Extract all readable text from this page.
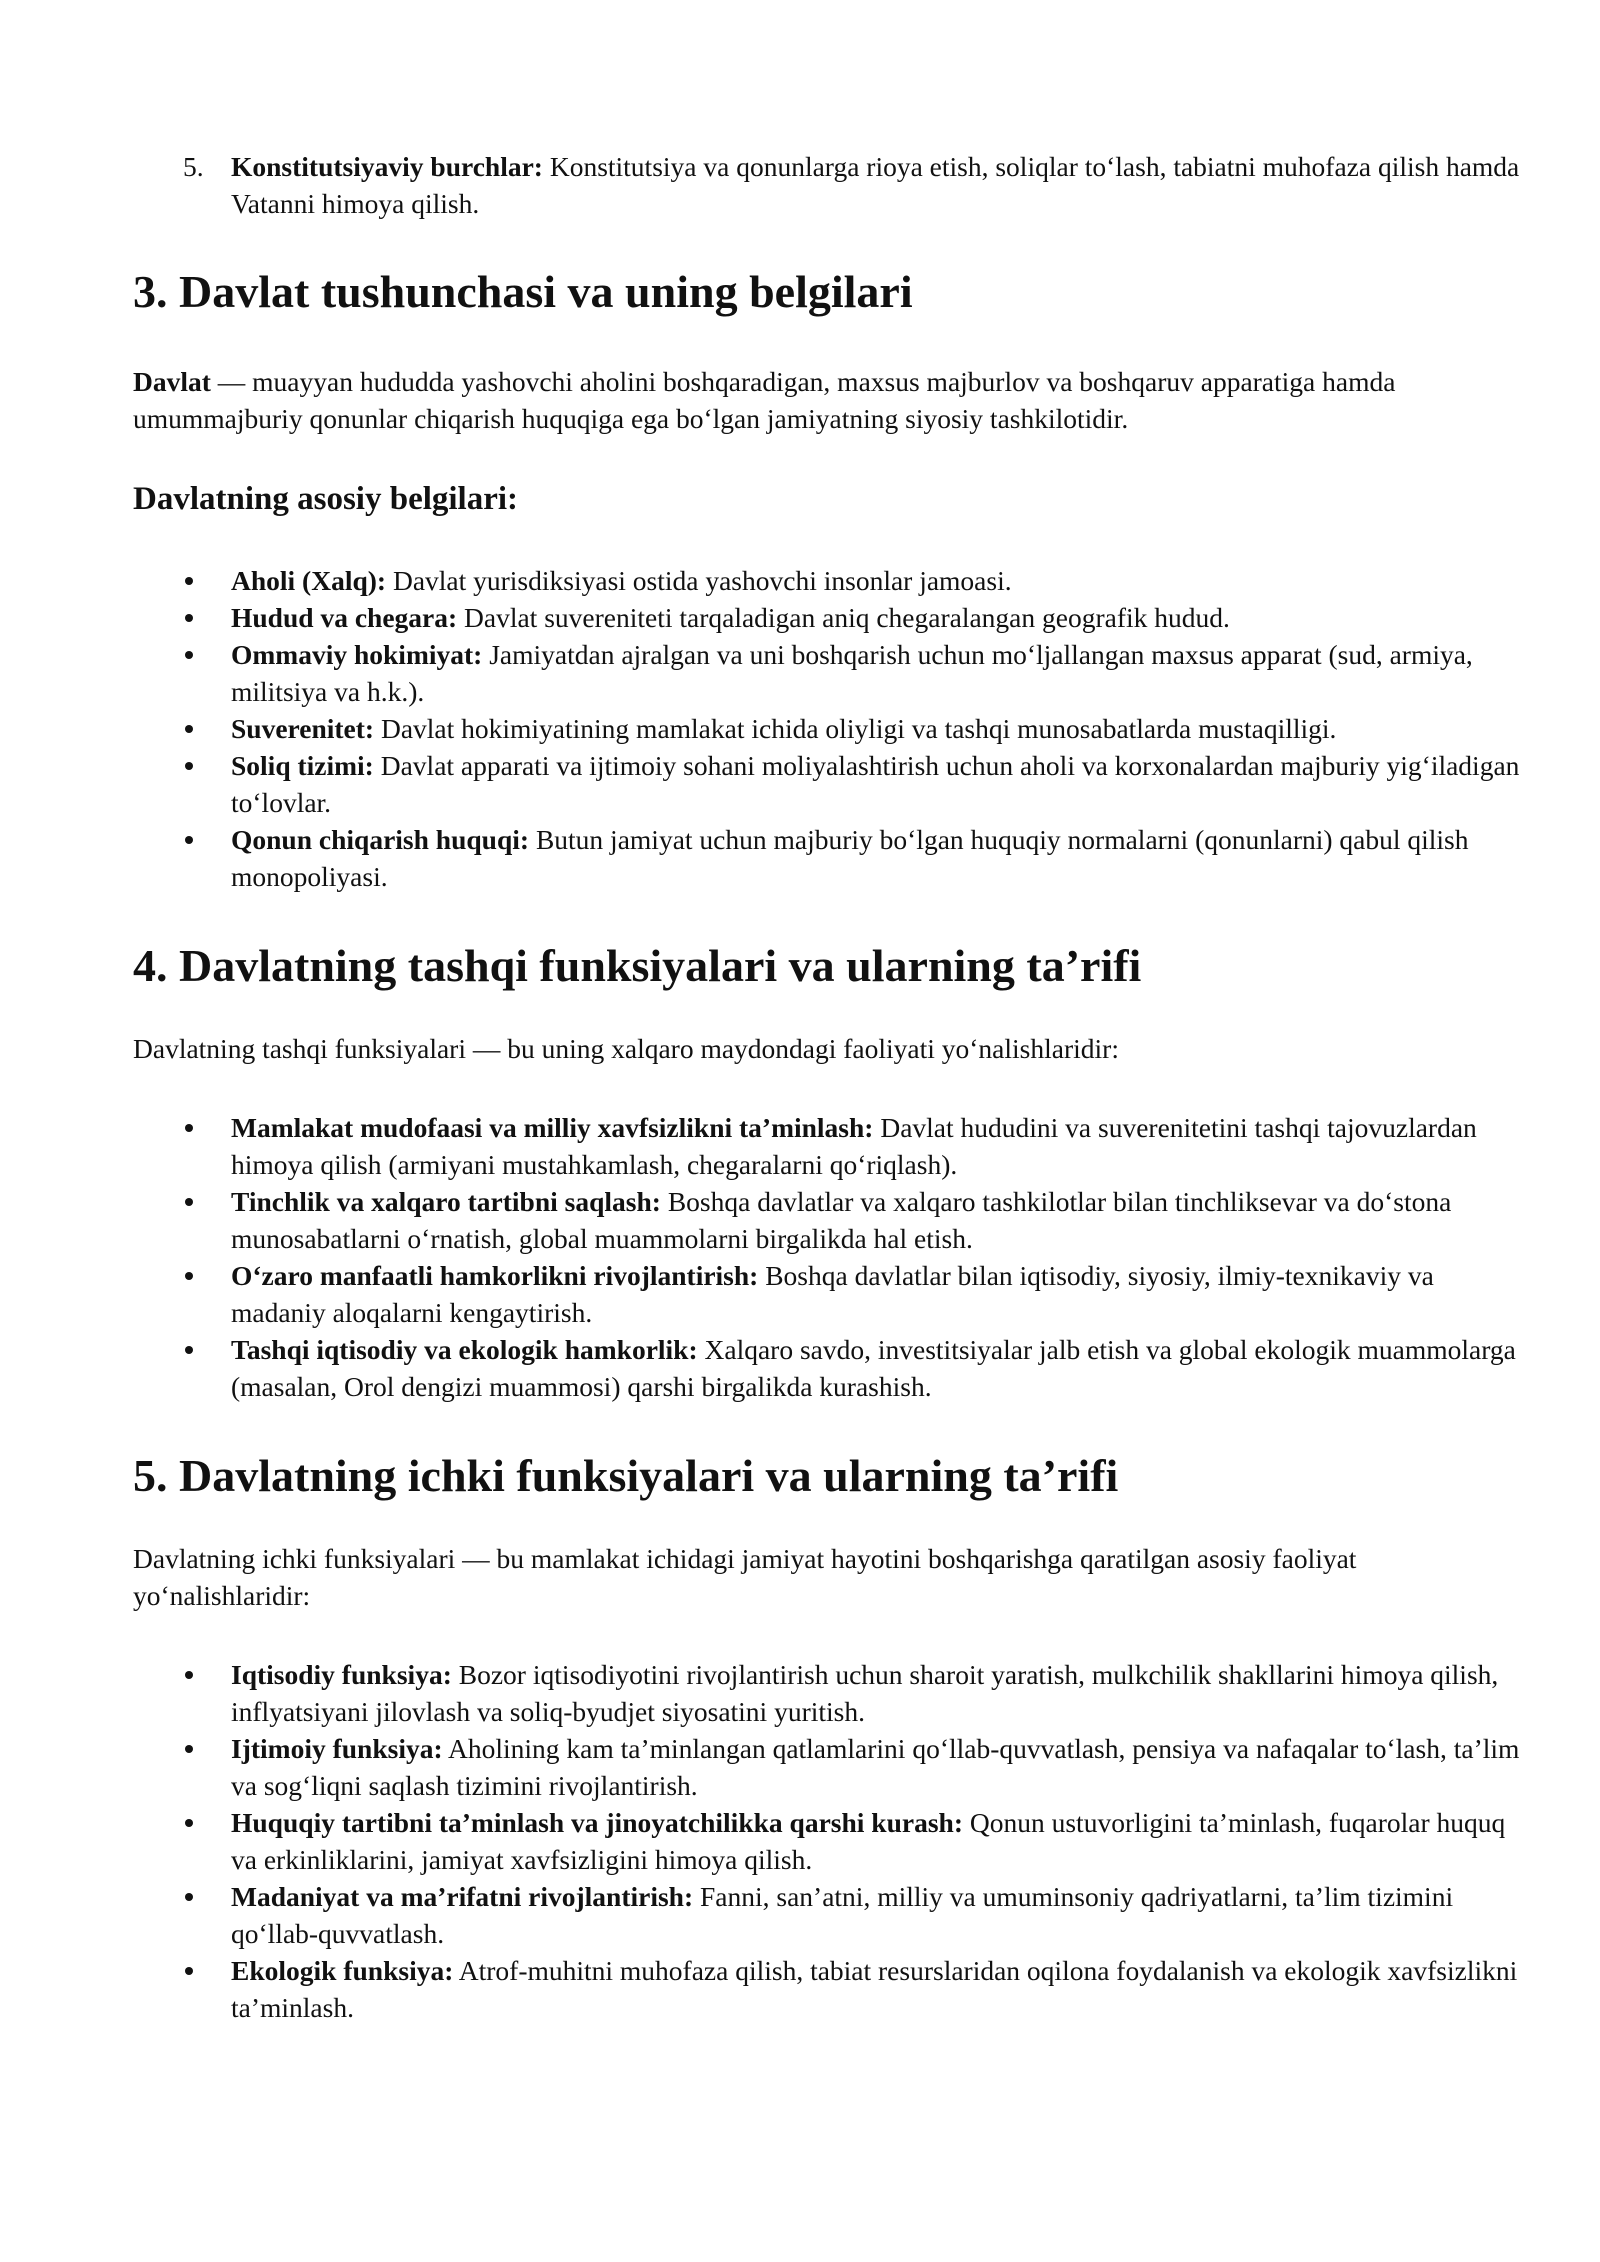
5. Konstitutsiyaviy burchlar: Konstitutsiya va qonunlarga rioya etish, soliqlar to‘lash, tabiatni muhofaza qilish hamda Vatanni himoya qilish.

3. Davlat tushunchasi va uning belgilari

Davlat — muayyan hududda yashovchi aholini boshqaradigan, maxsus majburlov va boshqaruv apparatiga hamda umummajburiy qonunlar chiqarish huquqiga ega bo‘lgan jamiyatning siyosiy tashkilotidir.

Davlatning asosiy belgilari:
Aholi (Xalq): Davlat yurisdiksiyasi ostida yashovchi insonlar jamoasi.
Hudud va chegara: Davlat suvereniteti tarqaladigan aniq chegaralangan geografik hudud.
Ommaviy hokimiyat: Jamiyatdan ajralgan va uni boshqarish uchun mo‘ljallangan maxsus apparat (sud, armiya, militsiya va h.k.).
Suverenitet: Davlat hokimiyatining mamlakat ichida oliyligi va tashqi munosabatlarda mustaqilligi.
Soliq tizimi: Davlat apparati va ijtimoiy sohani moliyalashtirish uchun aholi va korxonalardan majburiy yig‘iladigan to‘lovlar.
Qonun chiqarish huquqi: Butun jamiyat uchun majburiy bo‘lgan huquqiy normalarni (qonunlarni) qabul qilish monopoliyasi.
4. Davlatning tashqi funksiyalari va ularning ta’rifi

Davlatning tashqi funksiyalari — bu uning xalqaro maydondagi faoliyati yo‘nalishlaridir:

Mamlakat mudofaasi va milliy xavfsizlikni ta’minlash: Davlat hududini va suverenitetini tashqi tajovuzlardan himoya qilish (armiyani mustahkamlash, chegaralarni qo‘riqlash).
Tinchlik va xalqaro tartibni saqlash: Boshqa davlatlar va xalqaro tashkilotlar bilan tinchliksevar va do‘stona munosabatlarni o‘rnatish, global muammolarni birgalikda hal etish.
O‘zaro manfaatli hamkorlikni rivojlantirish: Boshqa davlatlar bilan iqtisodiy, siyosiy, ilmiy-texnikaviy va madaniy aloqalarni kengaytirish.
Tashqi iqtisodiy va ekologik hamkorlik: Xalqaro savdo, investitsiyalar jalb etish va global ekologik muammolarga (masalan, Orol dengizi muammosi) qarshi birgalikda kurashish.
5. Davlatning ichki funksiyalari va ularning ta’rifi

Davlatning ichki funksiyalari — bu mamlakat ichidagi jamiyat hayotini boshqarishga qaratilgan asosiy faoliyat yo‘nalishlaridir:

Iqtisodiy funksiya: Bozor iqtisodiyotini rivojlantirish uchun sharoit yaratish, mulkchilik shakllarini himoya qilish, inflyatsiyani jilovlash va soliq-byudjet siyosatini yuritish.
Ijtimoiy funksiya: Aholining kam ta’minlangan qatlamlarini qo‘llab-quvvatlash, pensiya va nafaqalar to‘lash, ta’lim va sog‘liqni saqlash tizimini rivojlantirish.
Huquqiy tartibni ta’minlash va jinoyatchilikka qarshi kurash: Qonun ustuvorligini ta’minlash, fuqarolar huquq va erkinliklarini, jamiyat xavfsizligini himoya qilish.
Madaniyat va ma’rifatni rivojlantirish: Fanni, san’atni, milliy va umuminsoniy qadriyatlarni, ta’lim tizimini qo‘llab-quvvatlash.
Ekologik funksiya: Atrof-muhitni muhofaza qilish, tabiat resurslaridan oqilona foydalanish va ekologik xavfsizlikni ta’minlash.
